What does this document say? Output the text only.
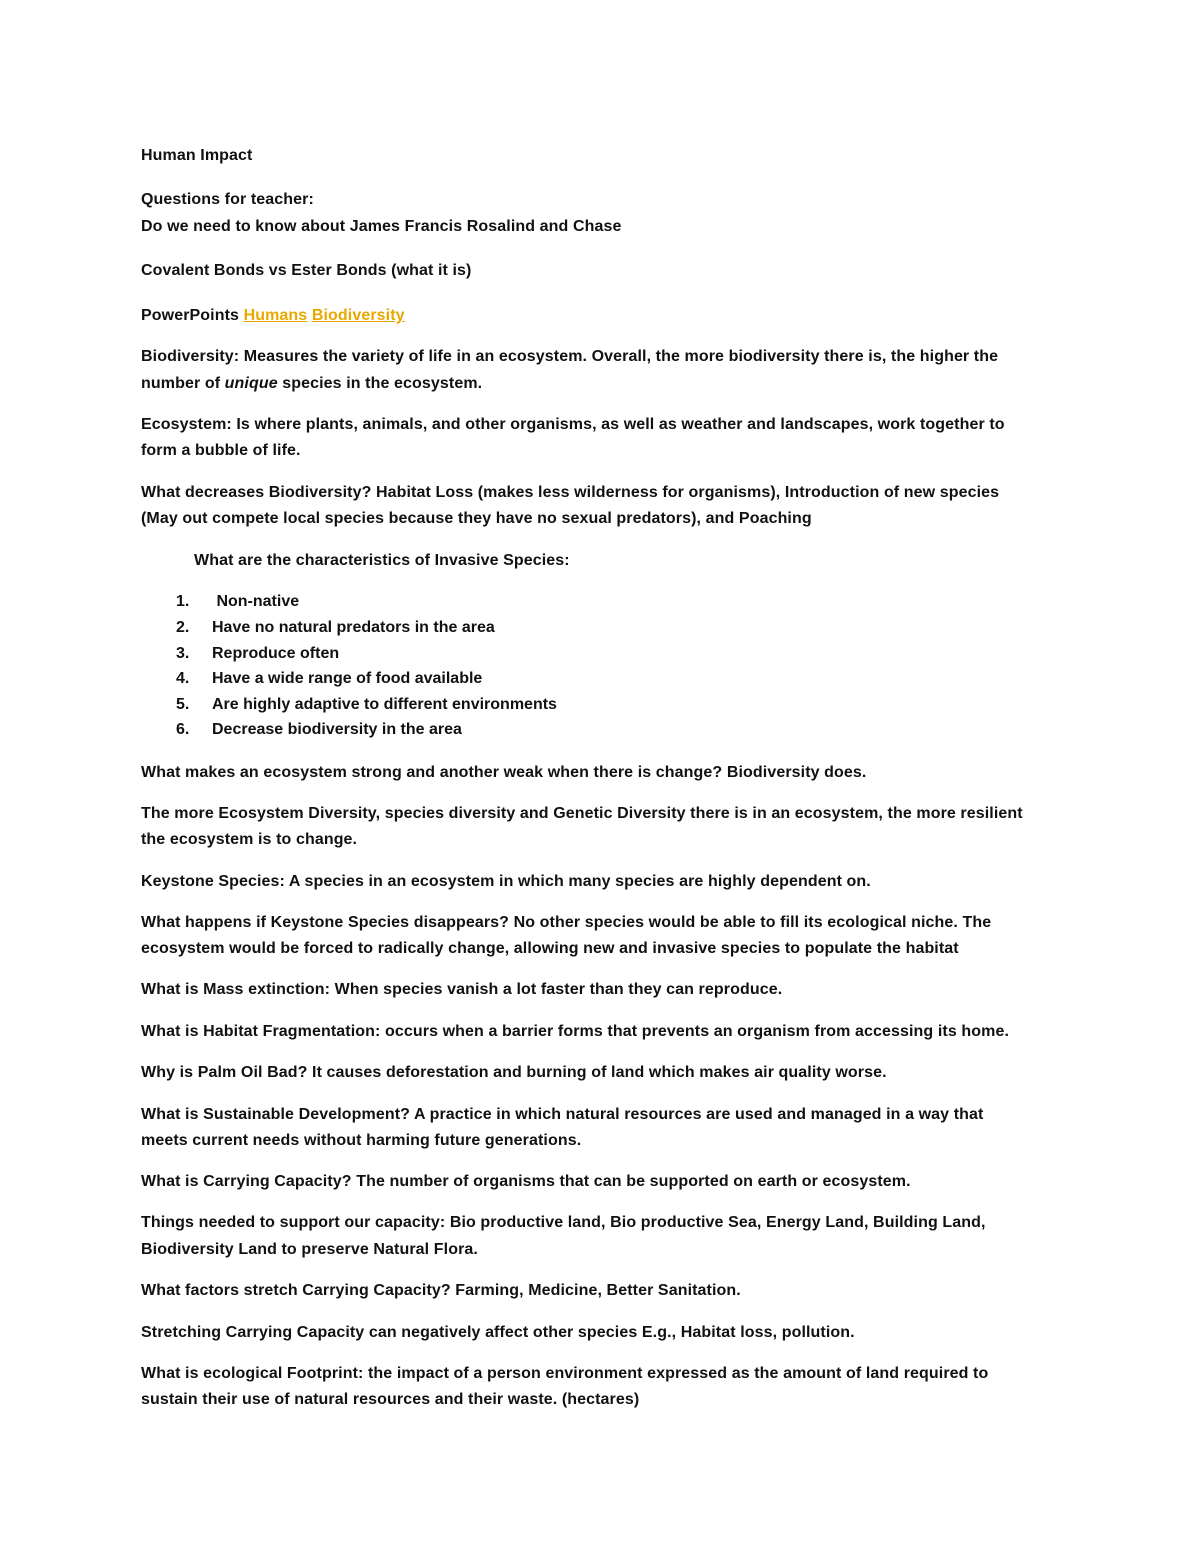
Human Impact

Questions for teacher:

Do we need to know about James Francis Rosalind and Chase

Covalent Bonds vs Ester Bonds (what it is)

PowerPoints Humans Biodiversity

Biodiversity: Measures the variety of life in an ecosystem. Overall, the more biodiversity there is, the higher the

number of unique species in the ecosystem.

Ecosystem: Is where plants, animals, and other organisms, as well as weather and landscapes, work together to

form a bubble of life.

What decreases Biodiversity? Habitat Loss (makes less wilderness for organisms), Introduction of new species

(May out compete local species because they have no sexual predators), and Poaching

What are the characteristics of Invasive Species:

1. Non-native

2. Have no natural predators in the area

3. Reproduce often

4. Have a wide range of food available

5. Are highly adaptive to different environments

6. Decrease biodiversity in the area

What makes an ecosystem strong and another weak when there is change? Biodiversity does.

The more Ecosystem Diversity, species diversity and Genetic Diversity there is in an ecosystem, the more resilient

the ecosystem is to change.

Keystone Species: A species in an ecosystem in which many species are highly dependent on.

What happens if Keystone Species disappears? No other species would be able to fill its ecological niche. The

ecosystem would be forced to radically change, allowing new and invasive species to populate the habitat

What is Mass extinction: When species vanish a lot faster than they can reproduce.

What is Habitat Fragmentation: occurs when a barrier forms that prevents an organism from accessing its home.

Why is Palm Oil Bad? It causes deforestation and burning of land which makes air quality worse.

What is Sustainable Development? A practice in which natural resources are used and managed in a way that

meets current needs without harming future generations.

What is Carrying Capacity? The number of organisms that can be supported on earth or ecosystem.

Things needed to support our capacity: Bio productive land, Bio productive Sea, Energy Land, Building Land,

Biodiversity Land to preserve Natural Flora.

What factors stretch Carrying Capacity? Farming, Medicine, Better Sanitation.

Stretching Carrying Capacity can negatively affect other species E.g., Habitat loss, pollution.

What is ecological Footprint: the impact of a person environment expressed as the amount of land required to

sustain their use of natural resources and their waste. (hectares)
